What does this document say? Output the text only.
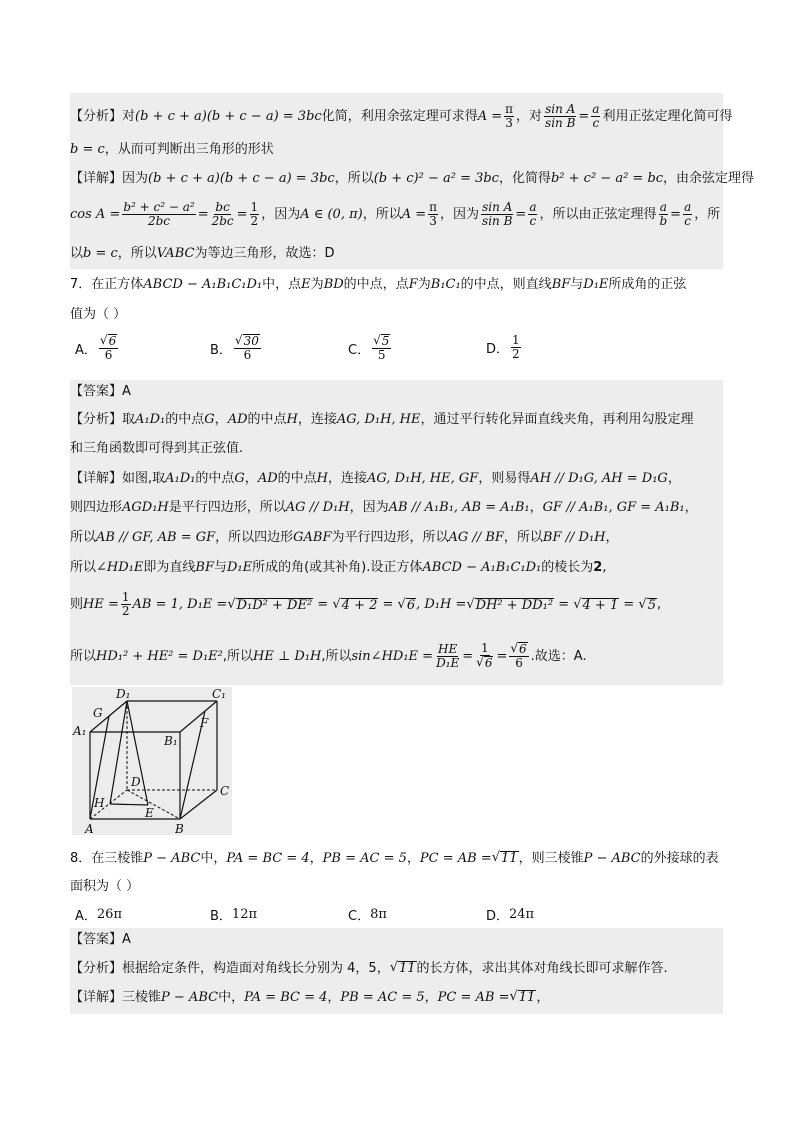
【分析】 对 (b + c + a)(b + c − a) = 3bc 化简，利用余弦定理可求得 $A = \frac{\pi}{3}$ ，对 $\frac{\text{sin A}}{\text{sin B}} = \frac{a}{c}$ 利用正弦定理化简可得
b = c ，从而可判断出三角形的形状
【详解】 因为 (b + c + a)(b + c − a) = 3bc ，所以 (b + c)² − a² = 3bc ，化简得 b² + c² − a² = bc ，由余弦定理得
$\cos A = \frac{\text{b² + c² − a²}}{2bc} = \frac{bc}{2bc} = \frac{1}{2}$ ，因为 A ∈ (0, π) ，所以 $A = \frac{\pi}{3}$ ，因为 $\frac{\text{sin A}}{\text{sin B}} = \frac{a}{c}$ ，所以由正弦定理得 $\frac{a}{b} = \frac{a}{c}$ ，所
以 b = c ，所以 VABC 为等边三角形，故选：D
7．在正方体 ABCD − A₁B₁C₁D₁ 中，点 E 为 BD 的中点，点 F 为 B₁C₁ 的中点，则直线 BF 与 D₁E 所成角的正弦
值为（ ）
A． $\frac{√ 6}{6}$	B． $\frac{√ 30}{6}$	C． $\frac{√ 5}{5}$	D． $\frac{1}{2}$
【答案】 A
【分析】 取 A₁D₁ 的中点 G ， AD 的中点 H ，连接 AG, D₁H, HE ，通过平行转化异面直线夹角，再利用勾股定理
和三角函数即可得到其正弦值.
【详解】 如图,取 A₁D₁ 的中点 G ， AD 的中点 H ，连接 AG, D₁H, HE, GF ，则易得 AH // D₁G, AH = D₁G ，
则四边形 AGD₁H 是平行四边形，所以 AG // D₁H ，因为 AB // A₁B₁, AB = A₁B₁ ， GF // A₁B₁, GF = A₁B₁ ，
所以 AB // GF, AB = GF ，所以四边形 GABF 为平行四边形，所以 AG // BF ，所以 BF // D₁H ，
所以 ∠HD₁E 即为直线 BF 与 D₁E 所成的角(或其补角).设正方体 ABCD − A₁B₁C₁D₁ 的棱长为 2 ,
则 HE = $\frac{1}{2}$ AB = 1, D₁E = √ D₁D² + DE² = √ 4 + 2 = √ 6 , D₁H = √ DH² + DD₁² = √ 4 + 1 = √ 5 ,
所以 HD₁² + HE² = D₁E² ,所以 HE ⊥ D₁H ,所以 sin∠HD₁E = $\frac{HE}{\text{D₁E}} = \frac{1}{√ 6} = \frac{√ 6}{6}$ .故选：A.
D₁	C₁
G
F
A₁
B₁
D
C
H
E
A	B
8．在三棱锥 P − ABC 中， PA = BC = 4 ， PB = AC = 5 ， PC = AB = √ 11 ，则三棱锥 P − ABC 的外接球的表
面积为（ ）
A． 26π	B． 12π	C． 8π	D． 24π
【答案】 A
【分析】 根据给定条件，构造面对角线长分别为 4，5， √ 11 的长方体，求出其体对角线长即可求解作答.
【详解】 三棱锥 P − ABC 中， PA = BC = 4 ， PB = AC = 5 ， PC = AB = √ 11 ，
